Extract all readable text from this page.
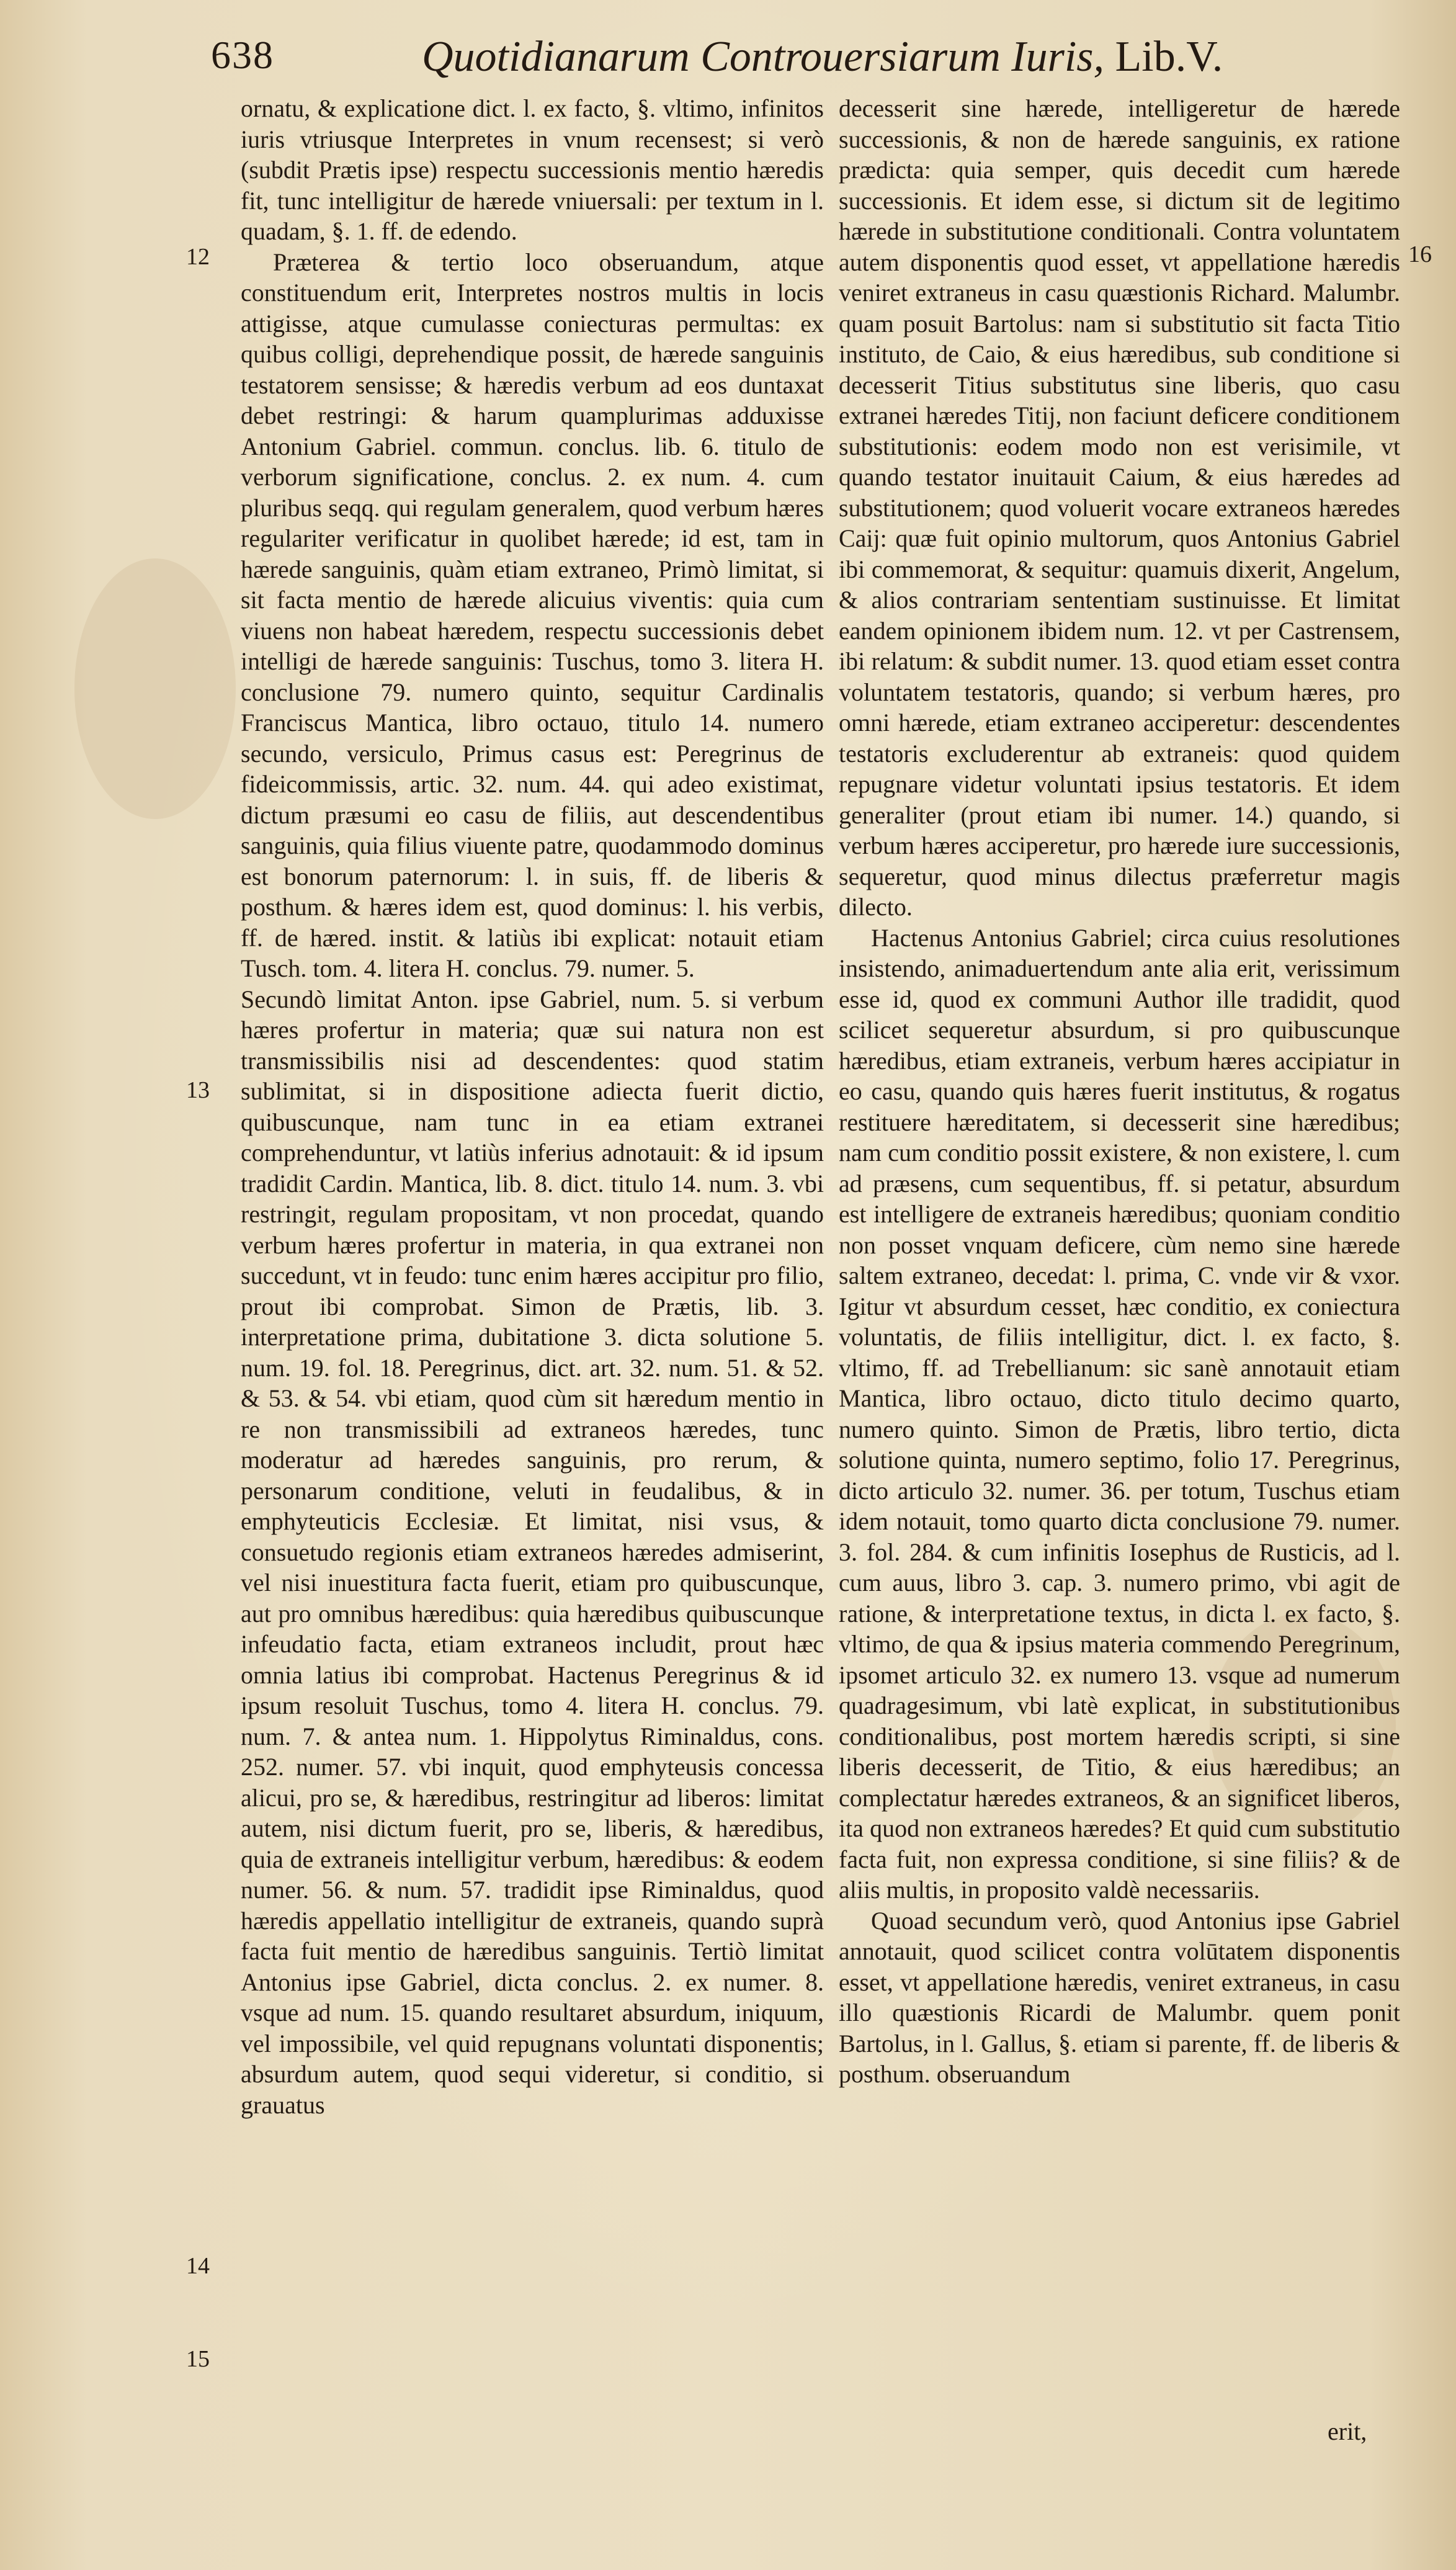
638	Quotidianarum Controuersiarum Iuris, Lib.V.
12
13
14
15
16

ornatu, & explicatione dict. l. ex facto, §. vltimo, infinitos iuris vtriusque Interpretes in vnum recensest; si verò (subdit Prætis ipse) respectu successionis mentio hæredis fit, tunc intelligitur de hærede vniuersali: per textum in l. quadam, §. 1. ff. de edendo.

Præterea & tertio loco obseruandum, atque constituendum erit, Interpretes nostros multis in locis attigisse, atque cumulasse coniecturas permultas: ex quibus colligi, deprehendique possit, de hærede sanguinis testatorem sensisse; & hæredis verbum ad eos duntaxat debet restringi: & harum quamplurimas adduxisse Antonium Gabriel. commun. conclus. lib. 6. titulo de verborum significatione, conclus. 2. ex num. 4. cum pluribus seqq. qui regulam generalem, quod verbum hæres regulariter verificatur in quolibet hærede; id est, tam in hærede sanguinis, quàm etiam extraneo, Primò limitat, si sit facta mentio de hærede alicuius viventis: quia cum viuens non habeat hæredem, respectu successionis debet intelligi de hærede sanguinis: Tuschus, tomo 3. litera H. conclusione 79. numero quinto, sequitur Cardinalis Franciscus Mantica, libro octauo, titulo 14. numero secundo, versiculo, Primus casus est: Peregrinus de fideicommissis, artic. 32. num. 44. qui adeo existimat, dictum præsumi eo casu de filiis, aut descendentibus sanguinis, quia filius viuente patre, quodammodo dominus est bonorum paternorum: l. in suis, ff. de liberis & posthum. & hæres idem est, quod dominus: l. his verbis, ff. de hæred. instit. & latiùs ibi explicat: notauit etiam Tusch. tom. 4. litera H. conclus. 79. numer. 5.

Secundò limitat Anton. ipse Gabriel, num. 5. si verbum hæres profertur in materia; quæ sui natura non est transmissibilis nisi ad descendentes: quod statim sublimitat, si in dispositione adiecta fuerit dictio, quibuscunque, nam tunc in ea etiam extranei comprehenduntur, vt latiùs inferius adnotauit: & id ipsum tradidit Cardin. Mantica, lib. 8. dict. titulo 14. num. 3. vbi restringit, regulam propositam, vt non procedat, quando verbum hæres profertur in materia, in qua extranei non succedunt, vt in feudo: tunc enim hæres accipitur pro filio, prout ibi comprobat. Simon de Prætis, lib. 3. interpretatione prima, dubitatione 3. dicta solutione 5. num. 19. fol. 18. Peregrinus, dict. art. 32. num. 51. & 52. & 53. & 54. vbi etiam, quod cùm sit hæredum mentio in re non transmissibili ad extraneos hæredes, tunc moderatur ad hæredes sanguinis, pro rerum, & personarum conditione, veluti in feudalibus, & in emphyteuticis Ecclesiæ. Et limitat, nisi vsus, & consuetudo regionis etiam extraneos hæredes admiserint, vel nisi inuestitura facta fuerit, etiam pro quibuscunque, aut pro omnibus hæredibus: quia hæredibus quibuscunque infeudatio facta, etiam extraneos includit, prout hæc omnia latius ibi comprobat. Hactenus Peregrinus & id ipsum resoluit Tuschus, tomo 4. litera H. conclus. 79. num. 7. & antea num. 1. Hippolytus Riminaldus, cons. 252. numer. 57. vbi inquit, quod emphyteusis concessa alicui, pro se, & hæredibus, restringitur ad liberos: limitat autem, nisi dictum fuerit, pro se, liberis, & hæredibus, quia de extraneis intelligitur verbum, hæredibus: & eodem numer. 56. & num. 57. tradidit ipse Riminaldus, quod hæredis appellatio intelligitur de extraneis, quando suprà facta fuit mentio de hæredibus sanguinis. Tertiò limitat Antonius ipse Gabriel, dicta conclus. 2. ex numer. 8. vsque ad num. 15. quando resultaret absurdum, iniquum, vel impossibile, vel quid repugnans voluntati disponentis; absurdum autem, quod sequi videretur, si conditio, si grauatus

decesserit sine hærede, intelligeretur de hærede successionis, & non de hærede sanguinis, ex ratione prædicta: quia semper, quis decedit cum hærede successionis. Et idem esse, si dictum sit de legitimo hærede in substitutione conditionali. Contra voluntatem autem disponentis quod esset, vt appellatione hæredis veniret extraneus in casu quæstionis Richard. Malumbr. quam posuit Bartolus: nam si substitutio sit facta Titio instituto, de Caio, & eius hæredibus, sub conditione si decesserit Titius substitutus sine liberis, quo casu extranei hæredes Titij, non faciunt deficere conditionem substitutionis: eodem modo non est verisimile, vt quando testator inuitauit Caium, & eius hæredes ad substitutionem; quod voluerit vocare extraneos hæredes Caij: quæ fuit opinio multorum, quos Antonius Gabriel ibi commemorat, & sequitur: quamuis dixerit, Angelum, & alios contrariam sententiam sustinuisse. Et limitat eandem opinionem ibidem num. 12. vt per Castrensem, ibi relatum: & subdit numer. 13. quod etiam esset contra voluntatem testatoris, quando; si verbum hæres, pro omni hærede, etiam extraneo acciperetur: descendentes testatoris excluderentur ab extraneis: quod quidem repugnare videtur voluntati ipsius testatoris. Et idem generaliter (prout etiam ibi numer. 14.) quando, si verbum hæres acciperetur, pro hærede iure successionis, sequeretur, quod minus dilectus præferretur magis dilecto.

Hactenus Antonius Gabriel; circa cuius resolutiones insistendo, animaduertendum ante alia erit, verissimum esse id, quod ex communi Author ille tradidit, quod scilicet sequeretur absurdum, si pro quibuscunque hæredibus, etiam extraneis, verbum hæres accipiatur in eo casu, quando quis hæres fuerit institutus, & rogatus restituere hæreditatem, si decesserit sine hæredibus; nam cum conditio possit existere, & non existere, l. cum ad præsens, cum sequentibus, ff. si petatur, absurdum est intelligere de extraneis hæredibus; quoniam conditio non posset vnquam deficere, cùm nemo sine hærede saltem extraneo, decedat: l. prima, C. vnde vir & vxor. Igitur vt absurdum cesset, hæc conditio, ex coniectura voluntatis, de filiis intelligitur, dict. l. ex facto, §. vltimo, ff. ad Trebellianum: sic sanè annotauit etiam Mantica, libro octauo, dicto titulo decimo quarto, numero quinto. Simon de Prætis, libro tertio, dicta solutione quinta, numero septimo, folio 17. Peregrinus, dicto articulo 32. numer. 36. per totum, Tuschus etiam idem notauit, tomo quarto dicta conclusione 79. numer. 3. fol. 284. & cum infinitis Iosephus de Rusticis, ad l. cum auus, libro 3. cap. 3. numero primo, vbi agit de ratione, & interpretatione textus, in dicta l. ex facto, §. vltimo, de qua & ipsius materia commendo Peregrinum, ipsomet articulo 32. ex numero 13. vsque ad numerum quadragesimum, vbi latè explicat, in substitutionibus conditionalibus, post mortem hæredis scripti, si sine liberis decesserit, de Titio, & eius hæredibus; an complectatur hæredes extraneos, & an significet liberos, ita quod non extraneos hæredes? Et quid cum substitutio facta fuit, non expressa conditione, si sine filiis? & de aliis multis, in proposito valdè necessariis.

Quoad secundum verò, quod Antonius ipse Gabriel annotauit, quod scilicet contra volūtatem disponentis esset, vt appellatione hæredis, veniret extraneus, in casu illo quæstionis Ricardi de Malumbr. quem ponit Bartolus, in l. Gallus, §. etiam si parente, ff. de liberis & posthum. obseruandum

erit,
